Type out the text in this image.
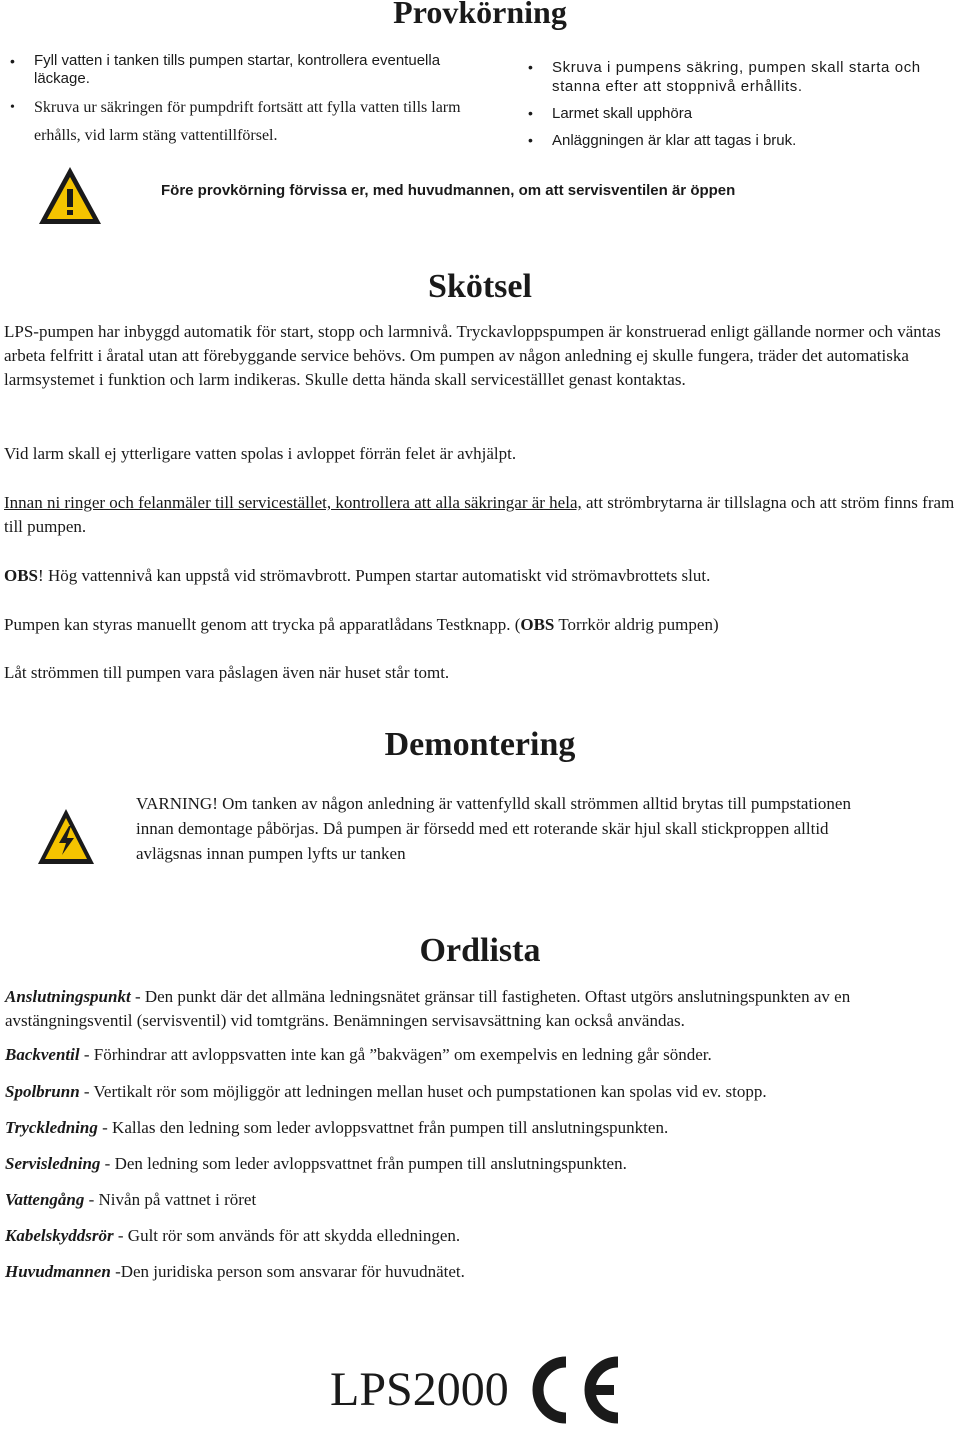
Provkörning
• Fyll vatten i tanken tills pumpen startar, kontrollera eventuella läckage.
• Skruva ur säkringen för pumpdrift fortsätt att fylla vatten tills larm erhålls, vid larm stäng vattentillförsel.
• Skruva i pumpens säkring, pumpen skall starta och stanna efter att stoppnivå erhållits.
• Larmet skall upphöra
• Anläggningen är klar att tagas i bruk.
Före provkörning förvissa er, med huvudmannen, om att servisventilen är öppen
Skötsel
LPS-pumpen har inbyggd automatik för start, stopp och larmnivå. Tryckavloppspumpen är konstruerad enligt gällande normer och väntas arbeta felfritt i åratal utan att förebyggande service behövs. Om pumpen av någon anledning ej skulle fungera, träder det automatiska larmsystemet i funktion och larm indikeras. Skulle detta hända skall serviceställlet genast kontaktas.
Vid larm skall ej ytterligare vatten spolas i avloppet förrän felet är avhjälpt.
Innan ni ringer och felanmäler till servicestället, kontrollera att alla säkringar är hela, att strömbrytarna är tillslagna och att ström finns fram till pumpen.
OBS! Hög vattennivå kan uppstå vid strömavbrott. Pumpen startar automatiskt vid strömavbrottets slut.
Pumpen kan styras manuellt genom att trycka på apparatlådans Testknapp. (OBS Torrkör aldrig pumpen)
Låt strömmen till pumpen vara påslagen även när huset står tomt.
Demontering
VARNING! Om tanken av någon anledning är vattenfylld skall strömmen alltid brytas till pumpstationen innan demontage påbörjas. Då pumpen är försedd med ett roterande skär hjul skall stickproppen alltid avlägsnas innan pumpen lyfts ur tanken
Ordlista
Anslutningspunkt - Den punkt där det allmäna ledningsnätet gränsar till fastigheten. Oftast utgörs anslutningspunkten av en avstängningsventil (servisventil) vid tomtgräns. Benämningen servisavsättning kan också användas.
Backventil - Förhindrar att avloppsvatten inte kan gå ”bakvägen” om exempelvis en ledning går sönder.
Spolbrunn - Vertikalt rör som möjliggör att ledningen mellan huset och pumpstationen kan spolas vid ev. stopp.
Tryckledning - Kallas den ledning som leder avloppsvattnet från pumpen till anslutningspunkten.
Servisledning - Den ledning som leder avloppsvattnet från pumpen till anslutningspunkten.
Vattengång - Nivån på vattnet i röret
Kabelskyddsrör - Gult rör som används för att skydda elledningen.
Huvudmannen -Den juridiska person som ansvarar för huvudnätet.
LPS2000
